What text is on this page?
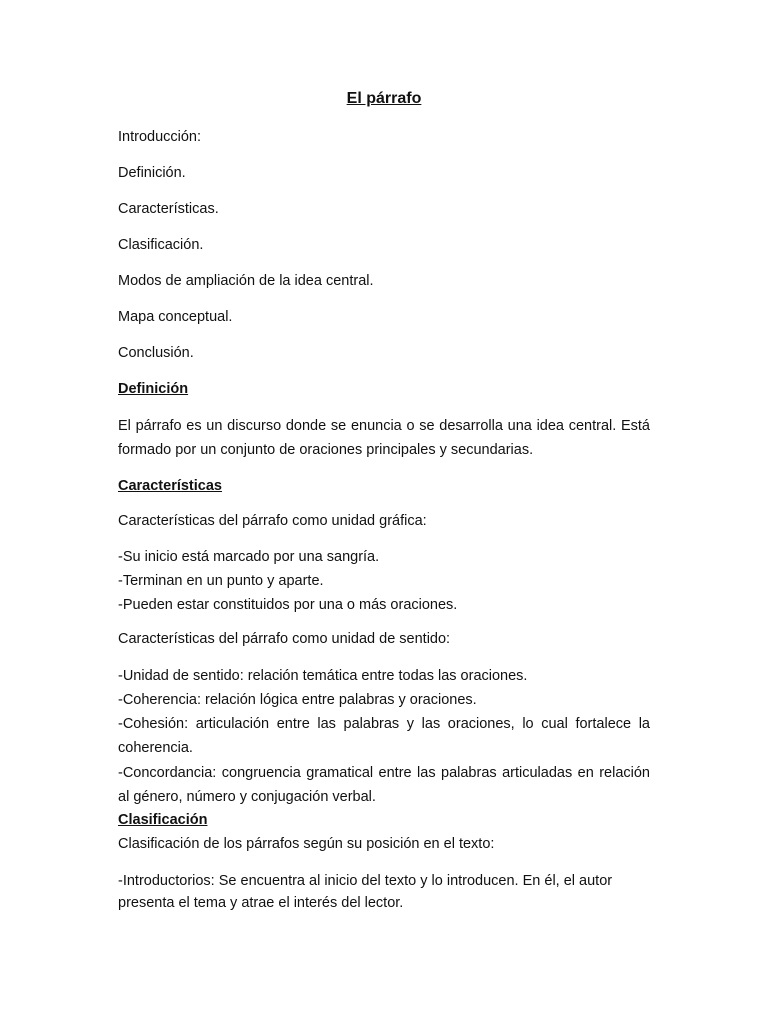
El párrafo

Introducción:

Definición.

Características.

Clasificación.

Modos de ampliación de la idea central.

Mapa conceptual.

Conclusión.

Definición

El párrafo es un discurso donde se enuncia o se desarrolla una idea central. Está formado por un conjunto de oraciones principales y secundarias.

Características

Características del párrafo como unidad gráfica:

-Su inicio está marcado por una sangría.

-Terminan en un punto y aparte.

-Pueden estar constituidos por una o más oraciones.

Características del párrafo como unidad de sentido:

-Unidad de sentido: relación temática entre todas las oraciones.

-Coherencia: relación lógica entre palabras y oraciones.

-Cohesión: articulación entre las palabras y las oraciones, lo cual fortalece la coherencia.

-Concordancia: congruencia gramatical entre las palabras articuladas en relación al género, número y conjugación verbal.

Clasificación

Clasificación de los párrafos según su posición en el texto:

-Introductorios: Se encuentra al inicio del texto y lo introducen. En él, el autor presenta el tema y atrae el interés del lector.
